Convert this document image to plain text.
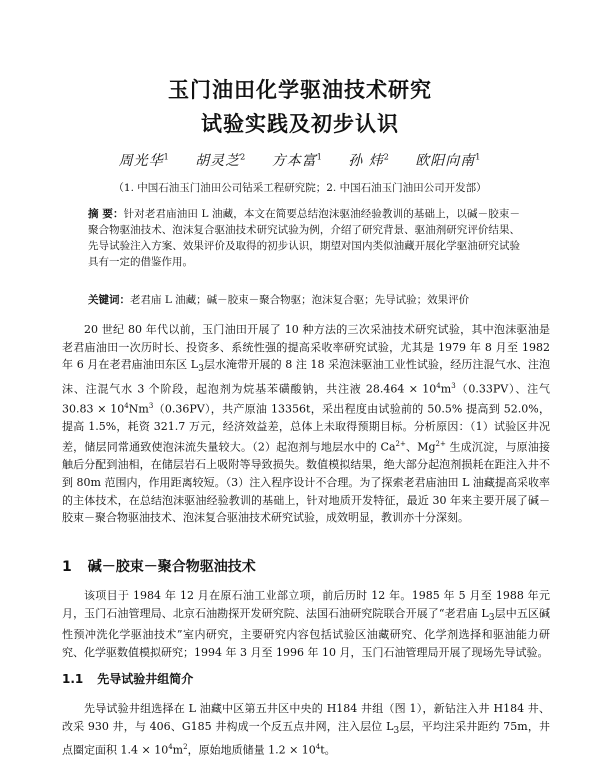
玉门油田化学驱油技术研究
试验实践及初步认识
周光华$^1$ 胡灵芝$^2$ 方本富$^1$ 孙 炜$^2$ 欧阳向南$^1$
（1. 中国石油玉门油田公司钻采工程研究院；2. 中国石油玉门油田公司开发部）
摘 要：针对老君庙油田 L 油藏，本文在简要总结泡沫驱油经验教训的基础上，以碱－胶束－聚合物驱油技术、泡沫复合驱油技术研究试验为例，介绍了研究背景、驱油剂研究评价结果、先导试验注入方案、效果评价及取得的初步认识，期望对国内类似油藏开展化学驱油研究试验具有一定的借鉴作用。
关键词：老君庙 L 油藏；碱－胶束－聚合物驱；泡沫复合驱；先导试验；效果评价

20 世纪 80 年代以前，玉门油田开展了 10 种方法的三次采油技术研究试验，其中泡沫驱油是老君庙油田一次历时长、投资多、系统性强的提高采收率研究试验，尤其是 1979 年 8 月至 1982 年 6 月在老君庙油田东区 $L_3$层水淹带开展的 8 注 18 采泡沫驱油工业性试验，经历注混气水、注泡沫、注混气水 3 个阶段，起泡剂为烷基苯磺酸钠，共注液 $28.464 \times 10^4m^3(0.33PV)$、注气 $30.83 \times 10^4Nm^3(0.36PV)$，共产原油 13356t，采出程度由试验前的 50.5% 提高到 52.0%，提高 1.5%，耗资 321.7 万元，经济效益差，总体上未取得预期目标。分析原因：（1）试验区井况差，储层同常通致使泡沫流失量较大。（2）起泡剂与地层水中的 $Ca^{2+}$、$Mg^{2+}$ 生成沉淀，与原油接触后分配到油相，在储层岩石上吸附等导致损失。数值模拟结果，绝大部分起泡剂损耗在距注入井不到 80m 范围内，作用距离较短。（3）注入程序设计不合理。为了探索老君庙油田 L 油藏提高采收率的主体技术，在总结泡沫驱油经验教训的基础上，针对地质开发特征，最近 30 年来主要开展了碱－胶束－聚合物驱油技术、泡沫复合驱油技术研究试验，成效明显，教训亦十分深刻。

1 碱－胶束－聚合物驱油技术

该项目于 1984 年 12 月在原石油工业部立项，前后历时 12 年。1985 年 5 月至 1988 年元月，玉门石油管理局、北京石油勘探开发研究院、法国石油研究院联合开展了“老君庙 $L_3$层中五区碱性预冲洗化学驱油技术”室内研究，主要研究内容包括试验区油藏研究、化学剂选择和驱油能力研究、化学驱数值模拟研究；1994 年 3 月至 1996 年 10 月，玉门石油管理局开展了现场先导试验。

1.1 先导试验井组简介

先导试验井组选择在 L 油藏中区第五井区中央的 H184 井组（图 1），新钻注入井 H184 井、改采 930 井，与 406、G185 井构成一个反五点井网，注入层位 $L_3$层，平均注采井距约 75m，井点圈定面积 $1.4 \times 10^4m^2$，原始地质储量 $1.2 \times 10^4t$。
